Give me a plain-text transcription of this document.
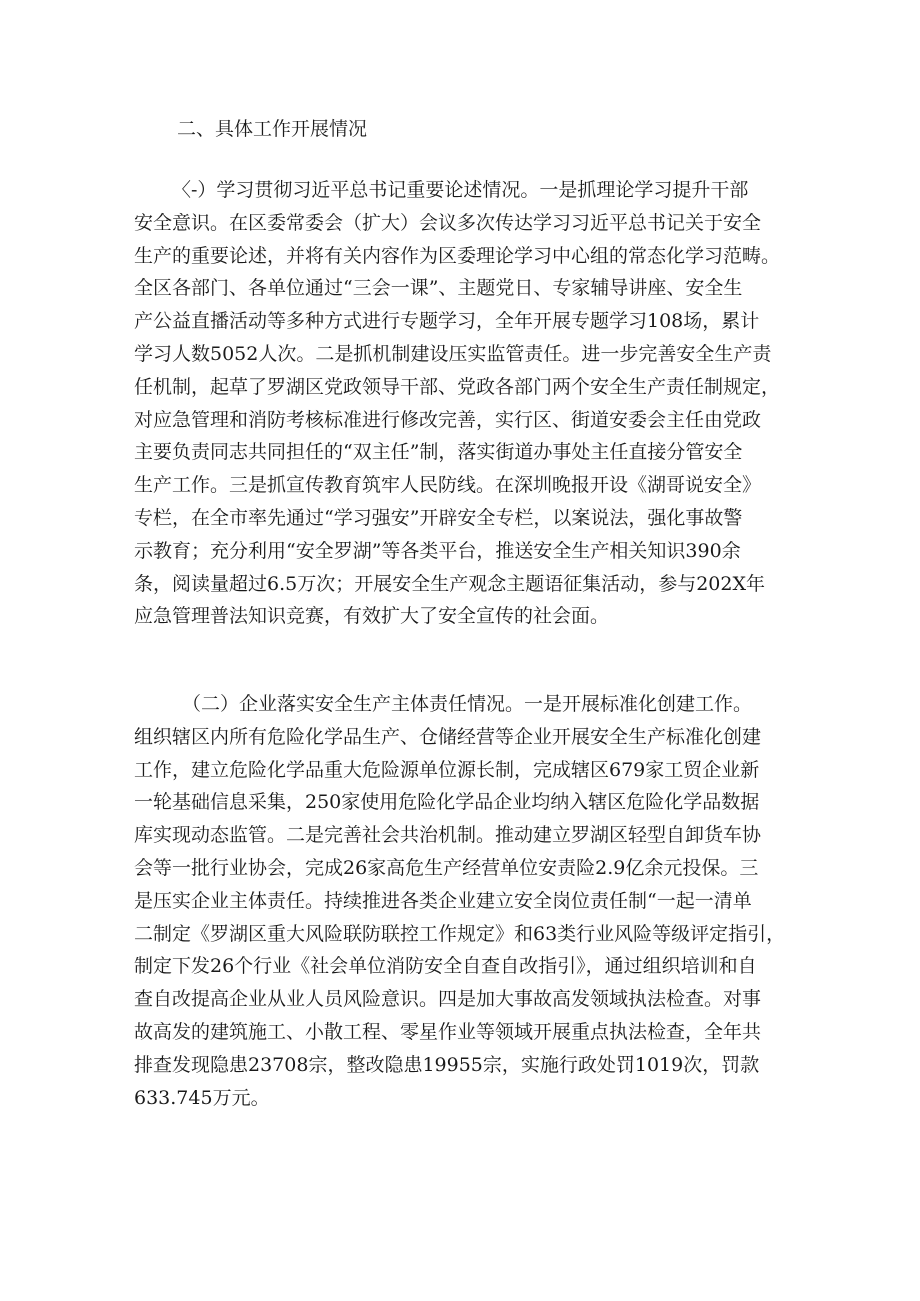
二、具体工作开展情况
〈-）学习贯彻习近平总书记重要论述情况。一是抓理论学习提升干部
安全意识。在区委常委会（扩大）会议多次传达学习习近平总书记关于安全
生产的重要论述，并将有关内容作为区委理论学习中心组的常态化学习范畴。
全区各部门、各单位通过“三会一课”、主题党日、专家辅导讲座、安全生
产公益直播活动等多种方式进行专题学习，全年开展专题学习108场，累计
学习人数5052人次。二是抓机制建设压实监管责任。进一步完善安全生产责
任机制，起草了罗湖区党政领导干部、党政各部门两个安全生产责任制规定，
对应急管理和消防考核标准进行修改完善，实行区、街道安委会主任由党政
主要负责同志共同担任的“双主任”制，落实街道办事处主任直接分管安全
生产工作。三是抓宣传教育筑牢人民防线。在深圳晚报开设《湖哥说安全》
专栏，在全市率先通过“学习强安”开辟安全专栏，以案说法，强化事故警
示教育；充分利用“安全罗湖”等各类平台，推送安全生产相关知识390余
条，阅读量超过6.5万次；开展安全生产观念主题语征集活动，参与202X年
应急管理普法知识竞赛，有效扩大了安全宣传的社会面。
（二）企业落实安全生产主体责任情况。一是开展标准化创建工作。
组织辖区内所有危险化学品生产、仓储经营等企业开展安全生产标准化创建
工作，建立危险化学品重大危险源单位源长制，完成辖区679家工贸企业新
一轮基础信息采集，250家使用危险化学品企业均纳入辖区危险化学品数据
库实现动态监管。二是完善社会共治机制。推动建立罗湖区轻型自卸货车协
会等一批行业协会，完成26家高危生产经营单位安责险2.9亿余元投保。三
是压实企业主体责任。持续推进各类企业建立安全岗位责任制“一起一清单
二制定《罗湖区重大风险联防联控工作规定》和63类行业风险等级评定指引，
制定下发26个行业《社会单位消防安全自查自改指引》，通过组织培训和自
查自改提高企业从业人员风险意识。四是加大事故高发领域执法检查。对事
故高发的建筑施工、小散工程、零星作业等领域开展重点执法检查，全年共
排查发现隐患23708宗，整改隐患19955宗，实施行政处罚1019次，罚款
633.745万元。
